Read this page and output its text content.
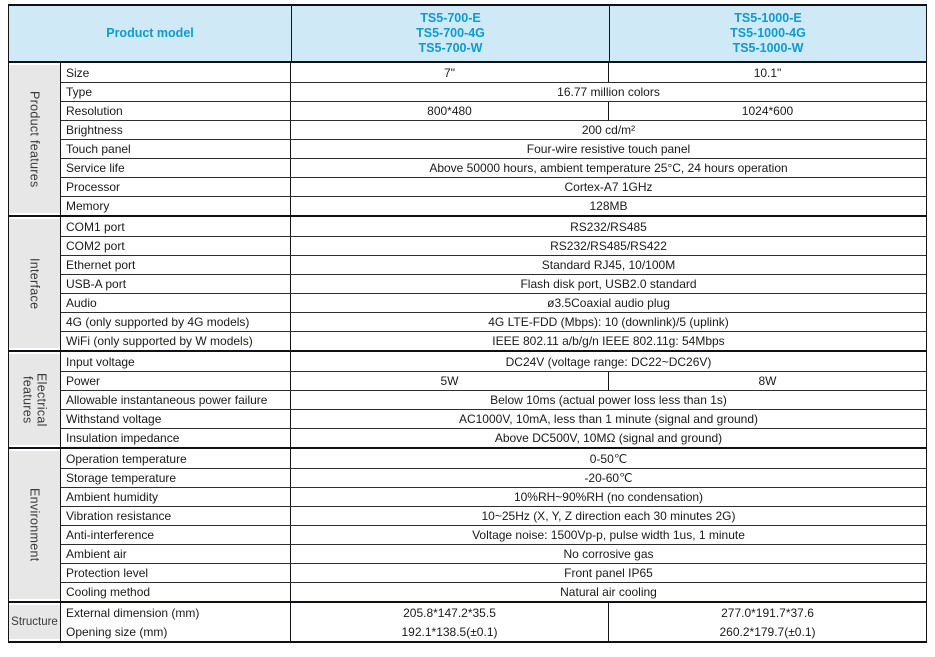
Product model
TS5-700-E
TS5-700-4G
TS5-700-W
TS5-1000-E
TS5-1000-4G
TS5-1000-W
Product features
Size	7"	10.1"
Type	16.77 million colors
Resolution	800*480	1024*600
Brightness	200 cd/m²
Touch panel	Four-wire resistive touch panel
Service life	Above 50000 hours, ambient temperature 25°C, 24 hours operation
Processor	Cortex-A7 1GHz
Memory	128MB
Interface
COM1 port	RS232/RS485
COM2 port	RS232/RS485/RS422
Ethernet port	Standard RJ45, 10/100M
USB-A port	Flash disk port, USB2.0 standard
Audio	ø3.5Coaxial audio plug
4G (only supported by 4G models)	4G LTE-FDD (Mbps): 10 (downlink)/5 (uplink)
WiFi (only supported by W models)	IEEE 802.11 a/b/g/n IEEE 802.11g: 54Mbps
Electrical features
Input voltage	DC24V (voltage range: DC22~DC26V)
Power	5W	8W
Allowable instantaneous power failure	Below 10ms (actual power loss less than 1s)
Withstand voltage	AC1000V, 10mA, less than 1 minute (signal and ground)
Insulation impedance	Above DC500V, 10MΩ (signal and ground)
Environment
Operation temperature	0-50℃
Storage temperature	-20-60℃
Ambient humidity	10%RH~90%RH (no condensation)
Vibration resistance	10~25Hz (X, Y, Z direction each 30 minutes 2G)
Anti-interference	Voltage noise: 1500Vp-p, pulse width 1us, 1 minute
Ambient air	No corrosive gas
Protection level	Front panel IP65
Cooling method	Natural air cooling
Structure
External dimension (mm)	205.8*147.2*35.5	277.0*191.7*37.6
Opening size (mm)	192.1*138.5(±0.1)	260.2*179.7(±0.1)
